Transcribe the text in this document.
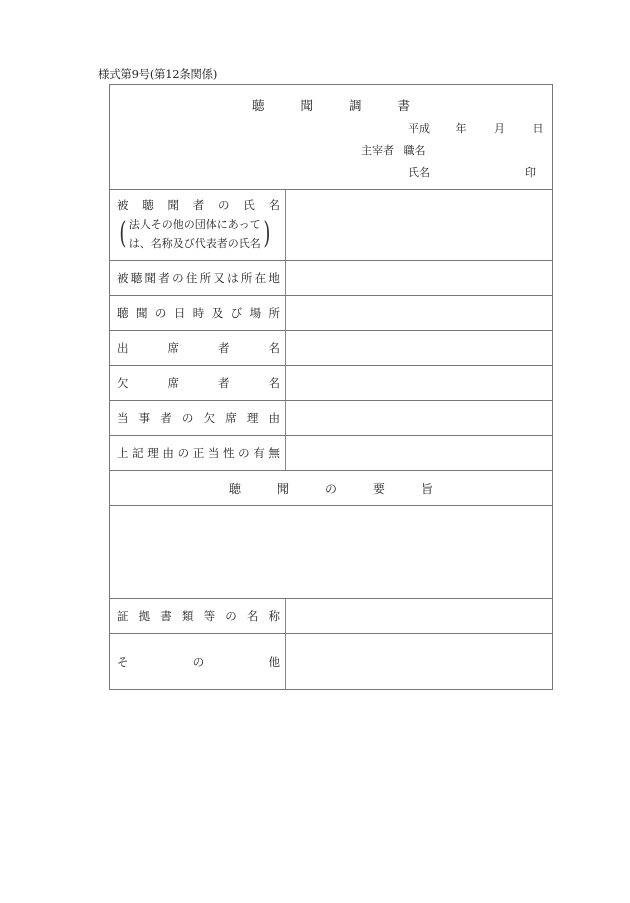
様式第9号(第12条関係)
聴	聞	調	書
平成 年	月	日
主宰者 職名
氏名	印
被 聴 聞 者 の 氏 名
( 法人その他の団体にあって
は、名称及び代表者の氏名 )
被 聴 聞 者 の 住 所 又 は 所 在 地
聴 聞 の 日 時 及 び 場 所
出	席	者	名
欠	席	者	名
当 事 者 の 欠 席 理 由
上 記 理 由 の 正 当 性 の 有 無
聴	聞	の	要	旨
証 拠 書 類 等 の 名 称
そ	の	他
